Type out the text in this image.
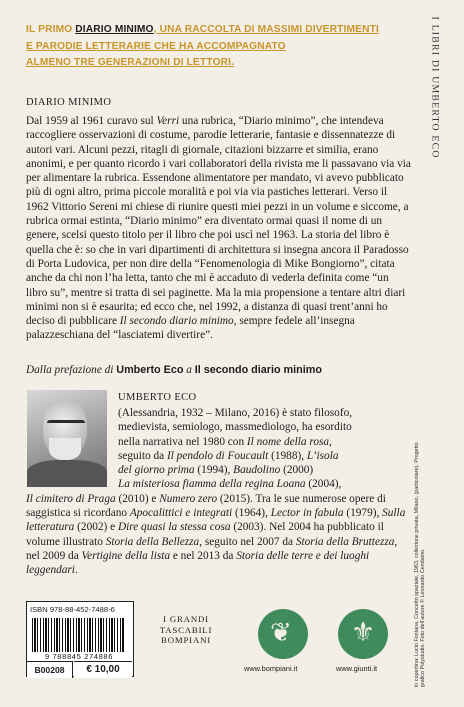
IL PRIMO DIARIO MINIMO, UNA RACCOLTA DI MASSIMI DIVERTIMENTI
E PARODIE LETTERARIE CHE HA ACCOMPAGNATO
ALMENO TRE GENERAZIONI DI LETTORI.	I LIBRI DI UMBERTO ECO
DIARIO MINIMO
Dal 1959 al 1961 curavo sul Verri una rubrica, “Diario minimo”, che intendeva raccogliere osservazioni di costume, parodie letterarie, fantasie e dissennatezze di autori vari. Alcuni pezzi, ritagli di giornale, citazioni bizzarre et similia, erano anonimi, e per quanto ricordo i vari collaboratori della rivista me li passavano via via per alimentare la rubrica. Essendone alimentatore per mandato, vi avevo pubblicato più di ogni altro, prima piccole moralità e poi via via pastiches letterari. Verso il 1962 Vittorio Sereni mi chiese di riunire questi miei pezzi in un volume e siccome, a rubrica ormai estinta, “Diario minimo” era diventato ormai quasi il nome di un genere, scelsi questo titolo per il libro che poi uscì nel 1963. La storia del libro è quella che è: so che in vari dipartimenti di architettura si insegna ancora il Paradosso di Porta Ludovica, per non dire della “Fenomenologia di Mike Bongiorno”, citata anche da chi non l’ha letta, tanto che mi è accaduto di vederla definita come “un libro su”, mentre si tratta di sei paginette. Ma la mia propensione a tentare altri diari minimi non si è esaurita; ed ecco che, nel 1992, a distanza di quasi trent’anni ho deciso di pubblicare Il secondo diario minimo, sempre fedele all’insegna palazzeschiana del “lasciatemi divertire”.
Dalla prefazione di Umberto Eco a Il secondo diario minimo
UMBERTO ECO
(Alessandria, 1932 – Milano, 2016) è stato filosofo,
medievista, semiologo, massmediologo, ha esordito
nella narrativa nel 1980 con Il nome della rosa,
seguito da Il pendolo di Foucault (1988), L’isola
del giorno prima (1994), Baudolino (2000)
La misteriosa fiamma della regina Loana (2004),
Il cimitero di Praga (2010) e Numero zero (2015). Tra le sue numerose opere di saggistica si ricordano Apocalittici e integrati (1964), Lector in fabula (1979), Sulla letteratura (2002) e Dire quasi la stessa cosa (2003). Nel 2004 ha pubblicato il volume illustrato Storia della Bellezza, seguito nel 2007 da Storia della Bruttezza, nel 2009 da Vertigine della lista e nel 2013 da Storia delle terre e dei luoghi leggendari.
ISBN 978-88-452-7488-6
9 788845 274886
B00208	€ 10,00
I GRANDI
TASCABILI
BOMPIANI	❦
www.bompiani.it
⚜
www.giunti.it	In copertina: Lucio Fontana, Concetto spaziale, 1963, collezione privata, Milano, (particolare). Progetto grafico Polystudio. Foto dell’autore © Leonardo Cendamo.
